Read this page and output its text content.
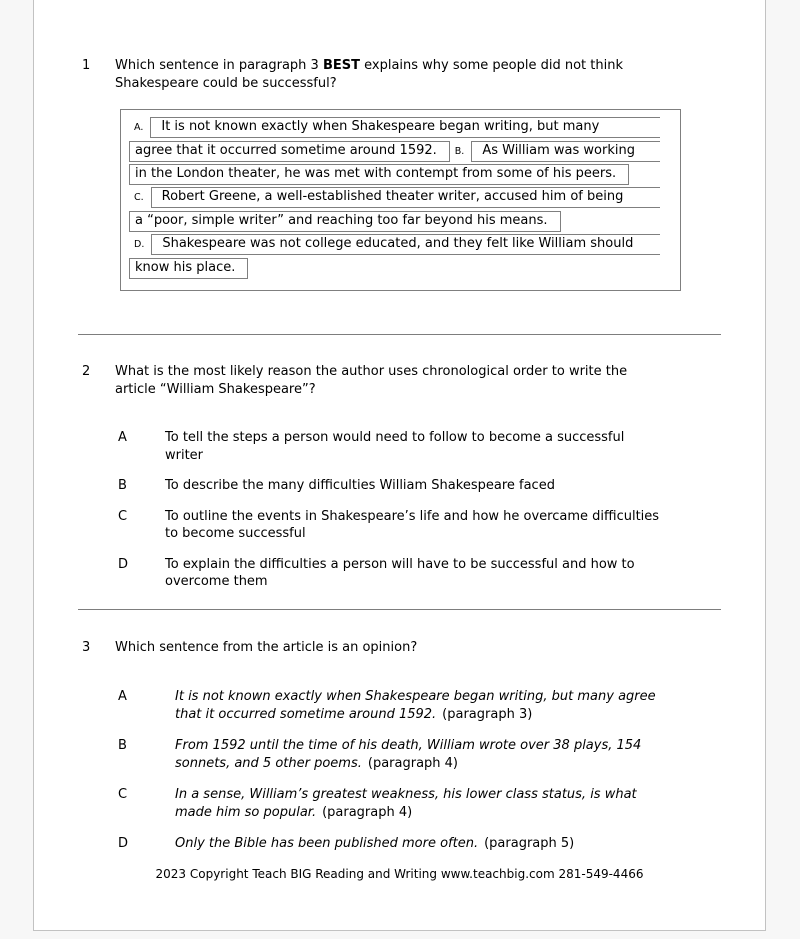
1	Which sentence in paragraph 3 BEST explains why some people did not think
Shakespeare could be successful?
A.	It is not known exactly when Shakespeare began writing, but many
agree that it occurred sometime around 1592.	B.	As William was working
in the London theater, he was met with contempt from some of his peers.
C.	Robert Greene, a well-established theater writer, accused him of being
a “poor, simple writer” and reaching too far beyond his means.
D.	Shakespeare was not college educated, and they felt like William should
know his place.
2	What is the most likely reason the author uses chronological order to write the
article “William Shakespeare”?
A	To tell the steps a person would need to follow to become a successful
writer
B	To describe the many difficulties William Shakespeare faced
C	To outline the events in Shakespeare’s life and how he overcame difficulties
to become successful
D	To explain the difficulties a person will have to be successful and how to
overcome them
3	Which sentence from the article is an opinion?
A	It is not known exactly when Shakespeare began writing, but many agree
that it occurred sometime around 1592. (paragraph 3)
B	From 1592 until the time of his death, William wrote over 38 plays, 154
sonnets, and 5 other poems. (paragraph 4)
C	In a sense, William’s greatest weakness, his lower class status, is what
made him so popular. (paragraph 4)
D	Only the Bible has been published more often. (paragraph 5)
2023 Copyright Teach BIG Reading and Writing www.teachbig.com 281-549-4466
